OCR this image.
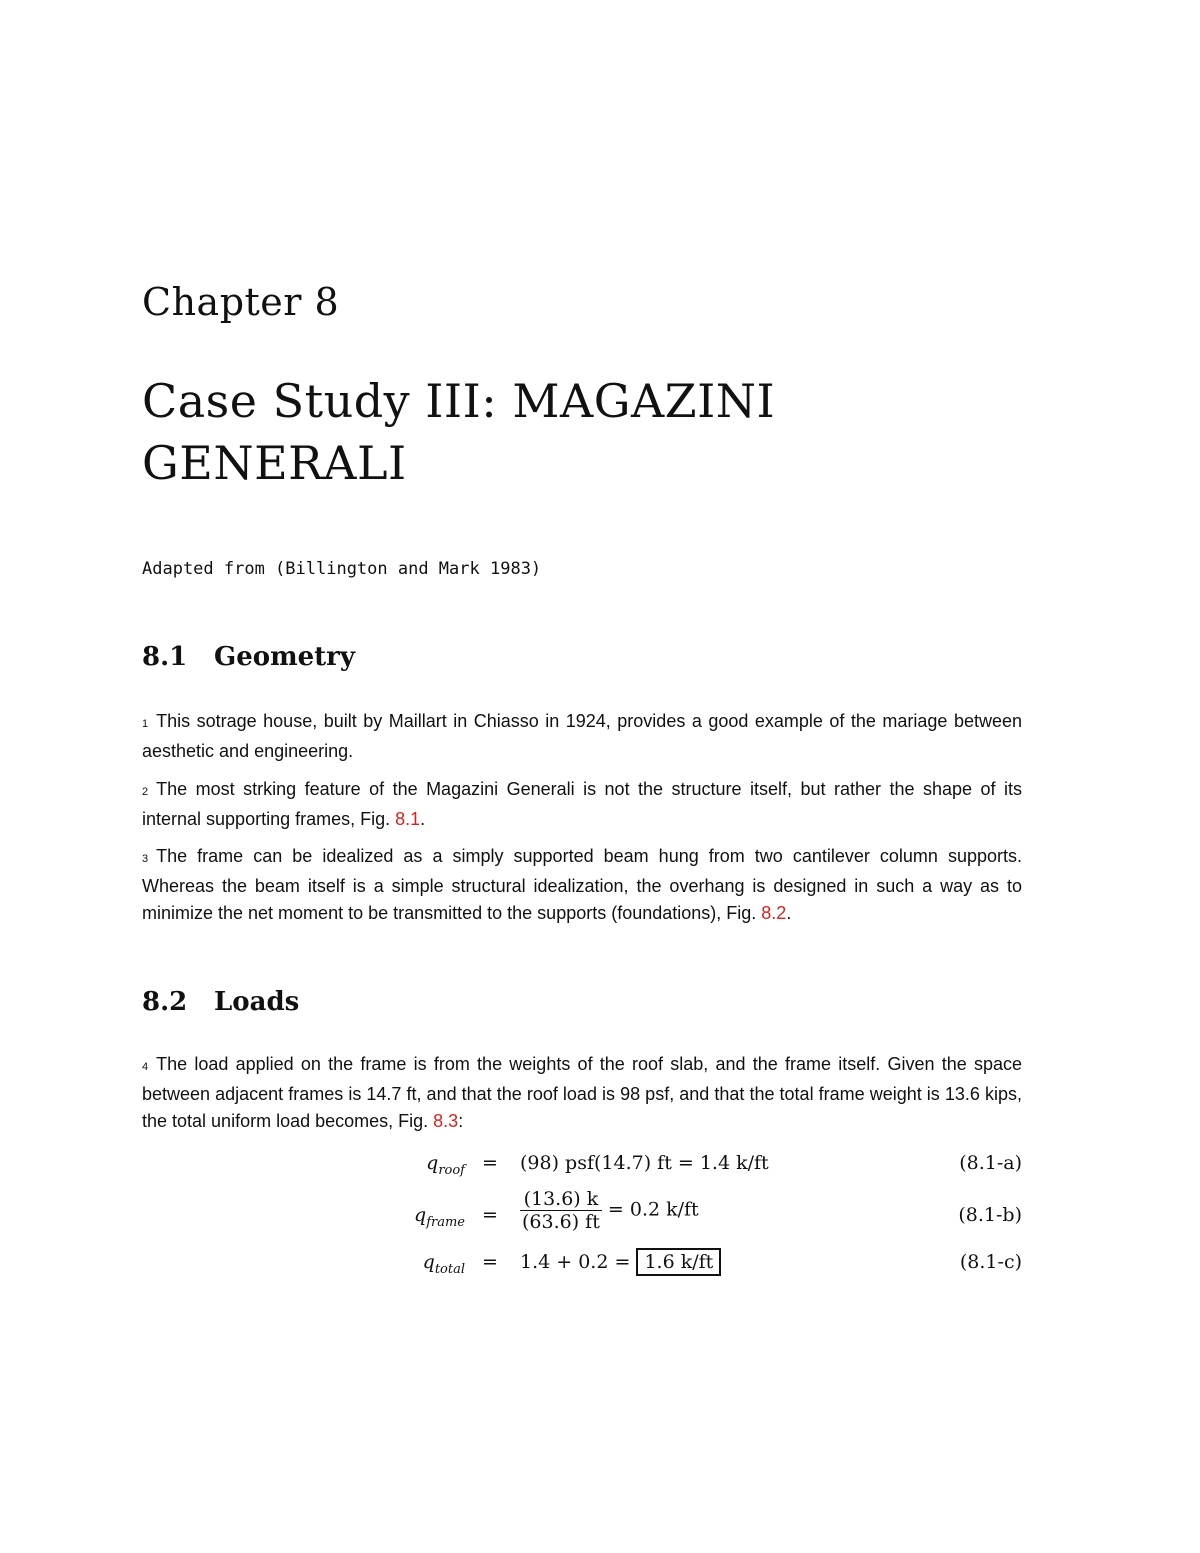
Chapter 8
Case Study III: MAGAZINI
GENERALI
Adapted from (Billington and Mark 1983)
8.1 Geometry
1 This sotrage house, built by Maillart in Chiasso in 1924, provides a good example of the mariage between aesthetic and engineering.
2 The most strking feature of the Magazini Generali is not the structure itself, but rather the shape of its internal supporting frames, Fig. 8.1.
3 The frame can be idealized as a simply supported beam hung from two cantilever column supports. Whereas the beam itself is a simple structural idealization, the overhang is designed in such a way as to minimize the net moment to be transmitted to the supports (foundations), Fig. 8.2.
8.2 Loads
4 The load applied on the frame is from the weights of the roof slab, and the frame itself. Given the space between adjacent frames is 14.7 ft, and that the roof load is 98 psf, and that the total frame weight is 13.6 kips, the total uniform load becomes, Fig. 8.3:
$q_{roof} = (98)$ psf(14.7) ft = 1.4 k/ft	(8.1-a)
$q_{frame} = \frac{(13.6) k}{(63.6) ft} = 0.2$ k/ft	(8.1-b)
$q_{total} = 1.4 + 0.2 = 1.6$ k/ft	(8.1-c)
